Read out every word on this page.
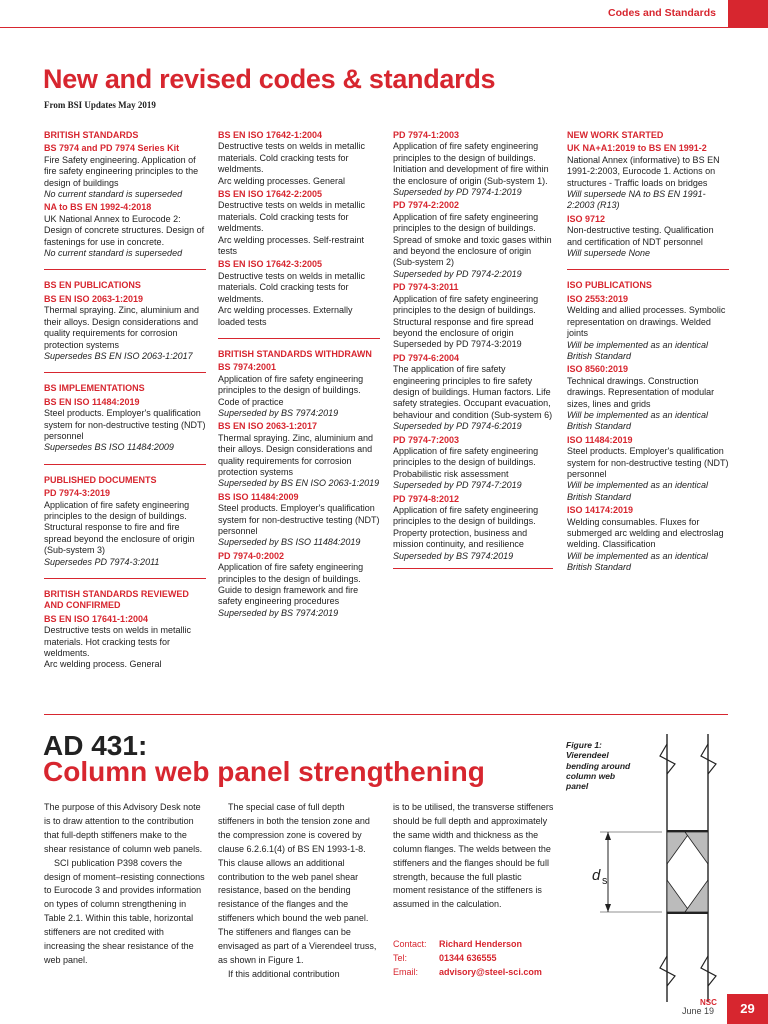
Codes and Standards
New and revised codes & standards
From BSI Updates May 2019
BRITISH STANDARDS
BS 7974 and PD 7974 Series Kit
Fire Safety engineering. Application of fire safety engineering principles to the design of buildings
No current standard is superseded
NA to BS EN 1992-4:2018
UK National Annex to Eurocode 2: Design of concrete structures. Design of fastenings for use in concrete.
No current standard is superseded
BS EN PUBLICATIONS
BS EN ISO 2063-1:2019
Thermal spraying. Zinc, aluminium and their alloys. Design considerations and quality requirements for corrosion protection systems
Supersedes BS EN ISO 2063-1:2017
BS IMPLEMENTATIONS
BS EN ISO 11484:2019
Steel products. Employer's qualification system for non-destructive testing (NDT) personnel
Supersedes BS ISO 11484:2009
PUBLISHED DOCUMENTS
PD 7974-3:2019
Application of fire safety engineering principles to the design of buildings. Structural response to fire and fire spread beyond the enclosure of origin (Sub-system 3)
Supersedes PD 7974-3:2011
BRITISH STANDARDS REVIEWED AND CONFIRMED
BS EN ISO 17641-1:2004
Destructive tests on welds in metallic materials. Hot cracking tests for weldments.
Arc welding process. General
BS EN ISO 17642-1:2004
Destructive tests on welds in metallic materials. Cold cracking tests for weldments.
Arc welding processes. General
BS EN ISO 17642-2:2005
Destructive tests on welds in metallic materials. Cold cracking tests for weldments.
Arc welding processes. Self-restraint tests
BS EN ISO 17642-3:2005
Destructive tests on welds in metallic materials. Cold cracking tests for weldments.
Arc welding processes. Externally loaded tests
BRITISH STANDARDS WITHDRAWN
BS 7974:2001
Application of fire safety engineering principles to the design of buildings. Code of practice
Superseded by BS 7974:2019
BS EN ISO 2063-1:2017
Thermal spraying. Zinc, aluminium and their alloys. Design considerations and quality requirements for corrosion protection systems
Superseded by BS EN ISO 2063-1:2019
BS ISO 11484:2009
Steel products. Employer's qualification system for non-destructive testing (NDT) personnel
Superseded by BS ISO 11484:2019
PD 7974-0:2002
Application of fire safety engineering principles to the design of buildings. Guide to design framework and fire safety engineering procedures
Superseded by BS 7974:2019
PD 7974-1:2003
Application of fire safety engineering principles to the design of buildings. Initiation and development of fire within the enclosure of origin (Sub-system 1).
Superseded by PD 7974-1:2019
PD 7974-2:2002
Application of fire safety engineering principles to the design of buildings. Spread of smoke and toxic gases within and beyond the enclosure of origin (Sub-system 2)
Superseded by PD 7974-2:2019
PD 7974-3:2011
Application of fire safety engineering principles to the design of buildings. Structural response and fire spread beyond the enclosure of origin
Superseded by PD 7974-3:2019
PD 7974-6:2004
The application of fire safety engineering principles to fire safety design of buildings. Human factors. Life safety strategies. Occupant evacuation, behaviour and condition (Sub-system 6)
Superseded by PD 7974-6:2019
PD 7974-7:2003
Application of fire safety engineering principles to the design of buildings. Probabilistic risk assessment
Superseded by PD 7974-7:2019
PD 7974-8:2012
Application of fire safety engineering principles to the design of buildings. Property protection, business and mission continuity, and resilience
Superseded by BS 7974:2019
NEW WORK STARTED
UK NA+A1:2019 to BS EN 1991-2
National Annex (informative) to BS EN 1991-2:2003, Eurocode 1. Actions on structures - Traffic loads on bridges
Will supersede NA to BS EN 1991-2:2003 (R13)
ISO 9712
Non-destructive testing. Qualification and certification of NDT personnel
Will supersede None
ISO PUBLICATIONS
ISO 2553:2019
Welding and allied processes. Symbolic representation on drawings. Welded joints
Will be implemented as an identical British Standard
ISO 8560:2019
Technical drawings. Construction drawings. Representation of modular sizes, lines and grids
Will be implemented as an identical British Standard
ISO 11484:2019
Steel products. Employer's qualification system for non-destructive testing (NDT) personnel
Will be implemented as an identical British Standard
ISO 14174:2019
Welding consumables. Fluxes for submerged arc welding and electroslag welding. Classification
Will be implemented as an identical British Standard
AD 431:
Column web panel strengthening

The purpose of this Advisory Desk note is to draw attention to the contribution that full-depth stiffeners make to the shear resistance of column web panels.

SCI publication P398 covers the design of moment–resisting connections to Eurocode 3 and provides information on types of column strengthening in Table 2.1. Within this table, horizontal stiffeners are not credited with increasing the shear resistance of the web panel.

The special case of full depth stiffeners in both the tension zone and the compression zone is covered by clause 6.2.6.1(4) of BS EN 1993-1-8. This clause allows an additional contribution to the web panel shear resistance, based on the bending resistance of the flanges and the stiffeners which bound the web panel. The stiffeners and flanges can be envisaged as part of a Vierendeel truss, as shown in Figure 1.

If this additional contribution

is to be utilised, the transverse stiffeners should be full depth and approximately the same width and thickness as the column flanges. The welds between the stiffeners and the flanges should be full strength, because the full plastic moment resistance of the stiffeners is assumed in the calculation.

Contact:	Richard Henderson
Tel:	01344 636555
Email:	advisory@steel-sci.com
Figure 1: Vierendeel bending around column web panel
d s
NSC
June 19	29
